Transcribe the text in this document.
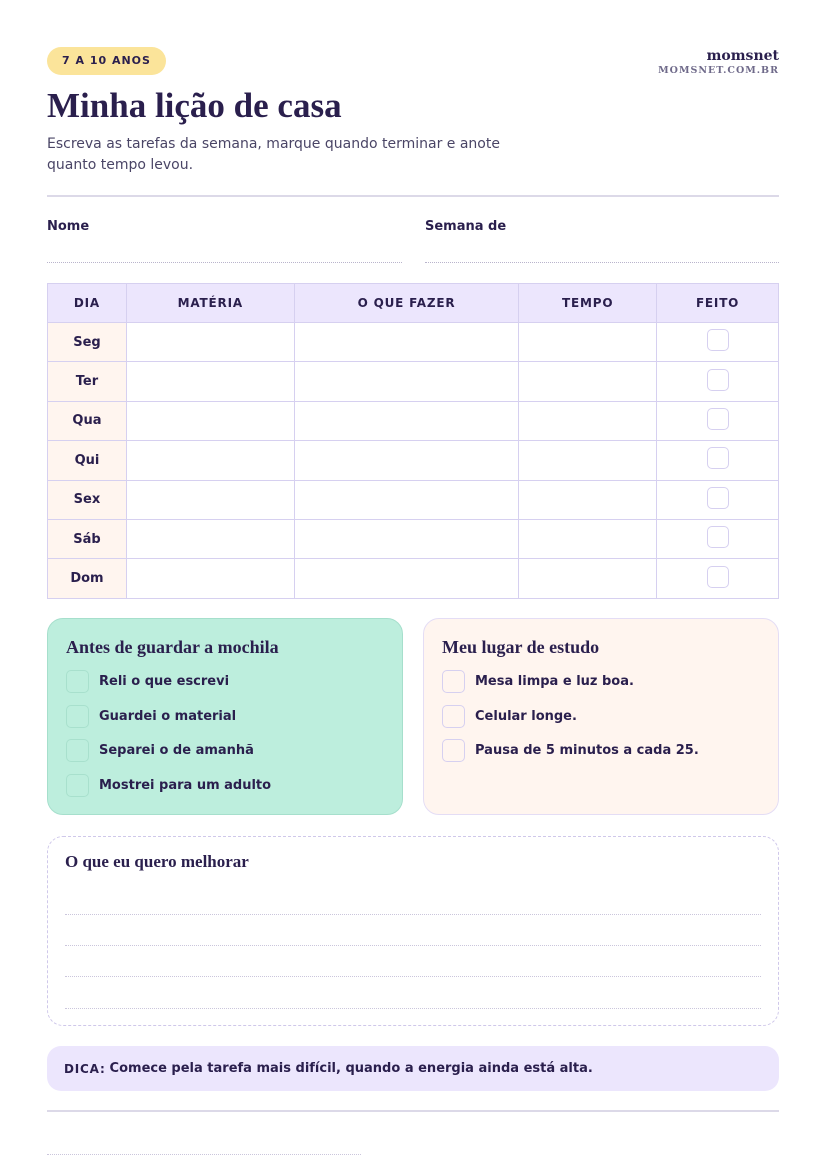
7 A 10 ANOS	momsnet
MOMSNET.COM.BR
Minha lição de casa

Escreva as tarefas da semana, marque quando terminar e anote quanto tempo levou.

Nome	Semana de
DIA	MATÉRIA	O QUE FAZER	TEMPO	FEITO
Seg				
Ter				
Qua				
Qui				
Sex				
Sáb				
Dom				
Antes de guardar a mochila
Reli o que escrevi
Guardei o material
Separei o de amanhã
Mostrei para um adulto
Meu lugar de estudo
Mesa limpa e luz boa.
Celular longe.
Pausa de 5 minutos a cada 25.
O que eu quero melhorar
DICA: Comece pela tarefa mais difícil, quando a energia ainda está alta.
